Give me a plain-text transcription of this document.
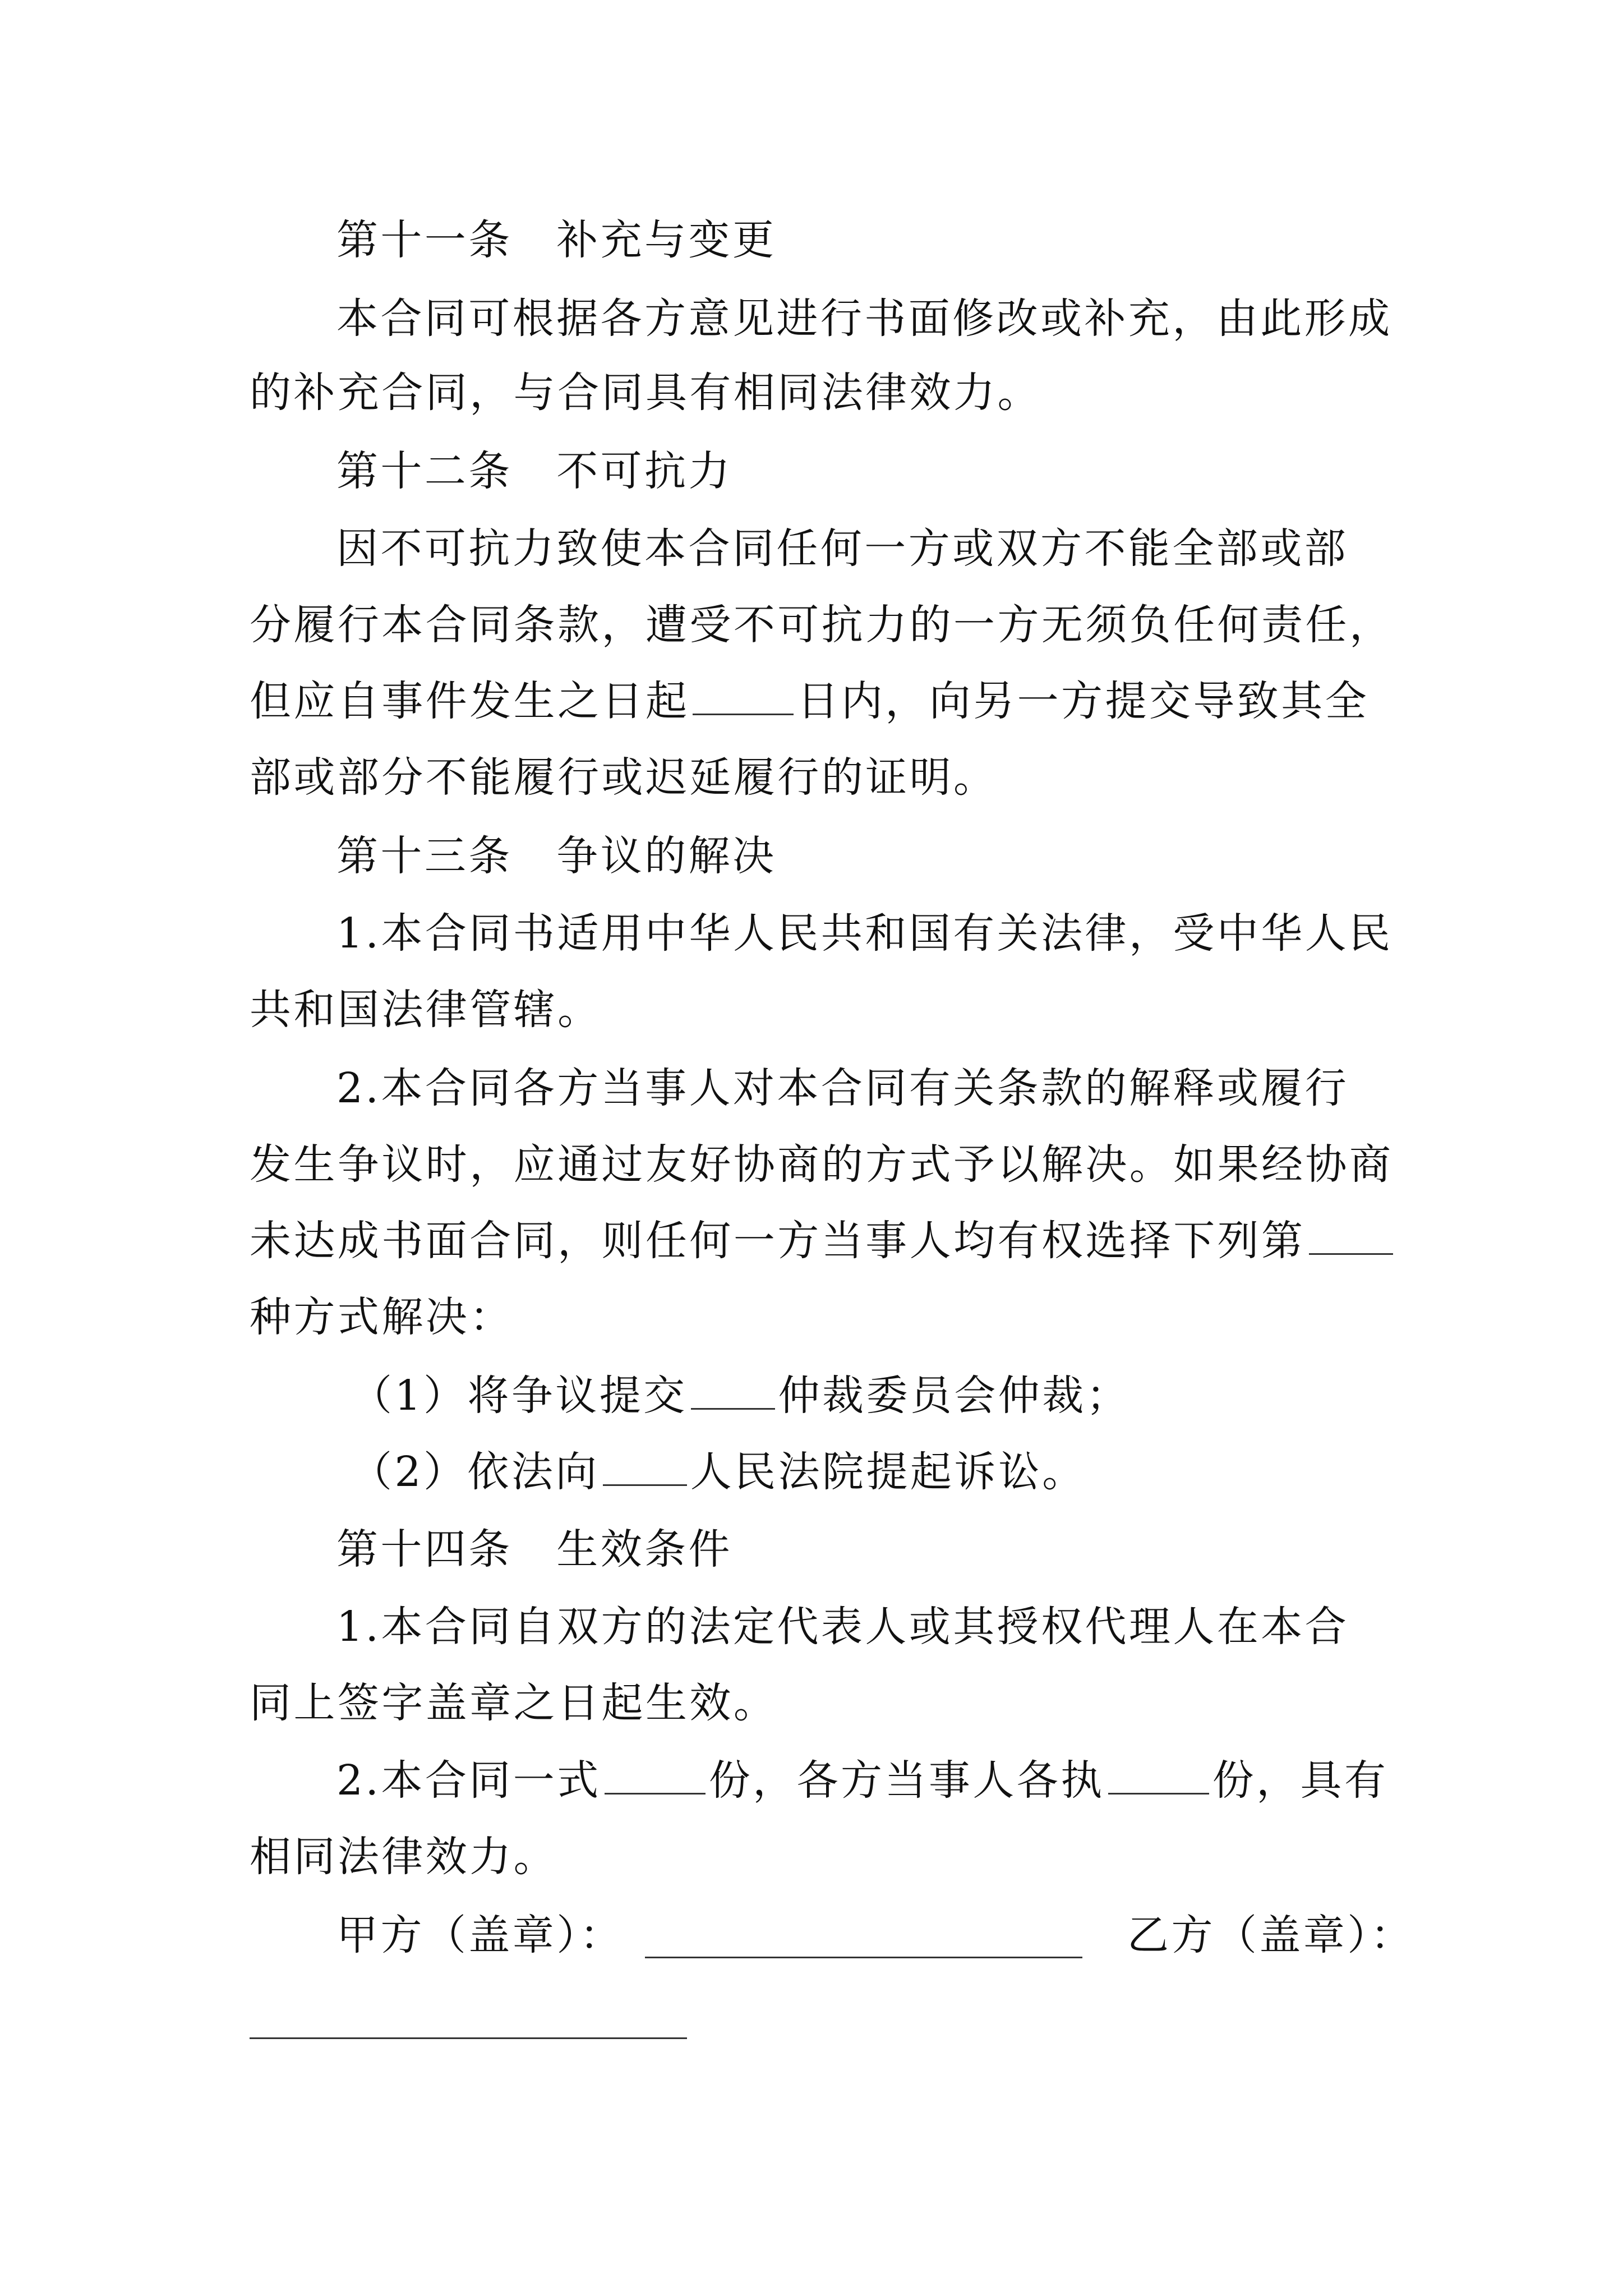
第十一条　补充与变更
本合同可根据各方意见进行书面修改或补充，由此形成
的补充合同，与合同具有相同法律效力。
第十二条　不可抗力
因不可抗力致使本合同任何一方或双方不能全部或部
分履行本合同条款，遭受不可抗力的一方无须负任何责任，
但应自事件发生之日起	日内，向另一方提交导致其全
部或部分不能履行或迟延履行的证明。
第十三条　争议的解决
1.本合同书适用中华人民共和国有关法律，受中华人民
共和国法律管辖。
2.本合同各方当事人对本合同有关条款的解释或履行
发生争议时，应通过友好协商的方式予以解决。如果经协商
未达成书面合同，则任何一方当事人均有权选择下列第
种方式解决：
（1）将争议提交 仲裁委员会仲裁；
（2）依法向 人民法院提起诉讼。
第十四条　生效条件
1.本合同自双方的法定代表人或其授权代理人在本合
同上签字盖章之日起生效。
2.本合同一式	份，各方当事人各执	份，具有
相同法律效力。
甲方（盖章）：	乙方（盖章）：
